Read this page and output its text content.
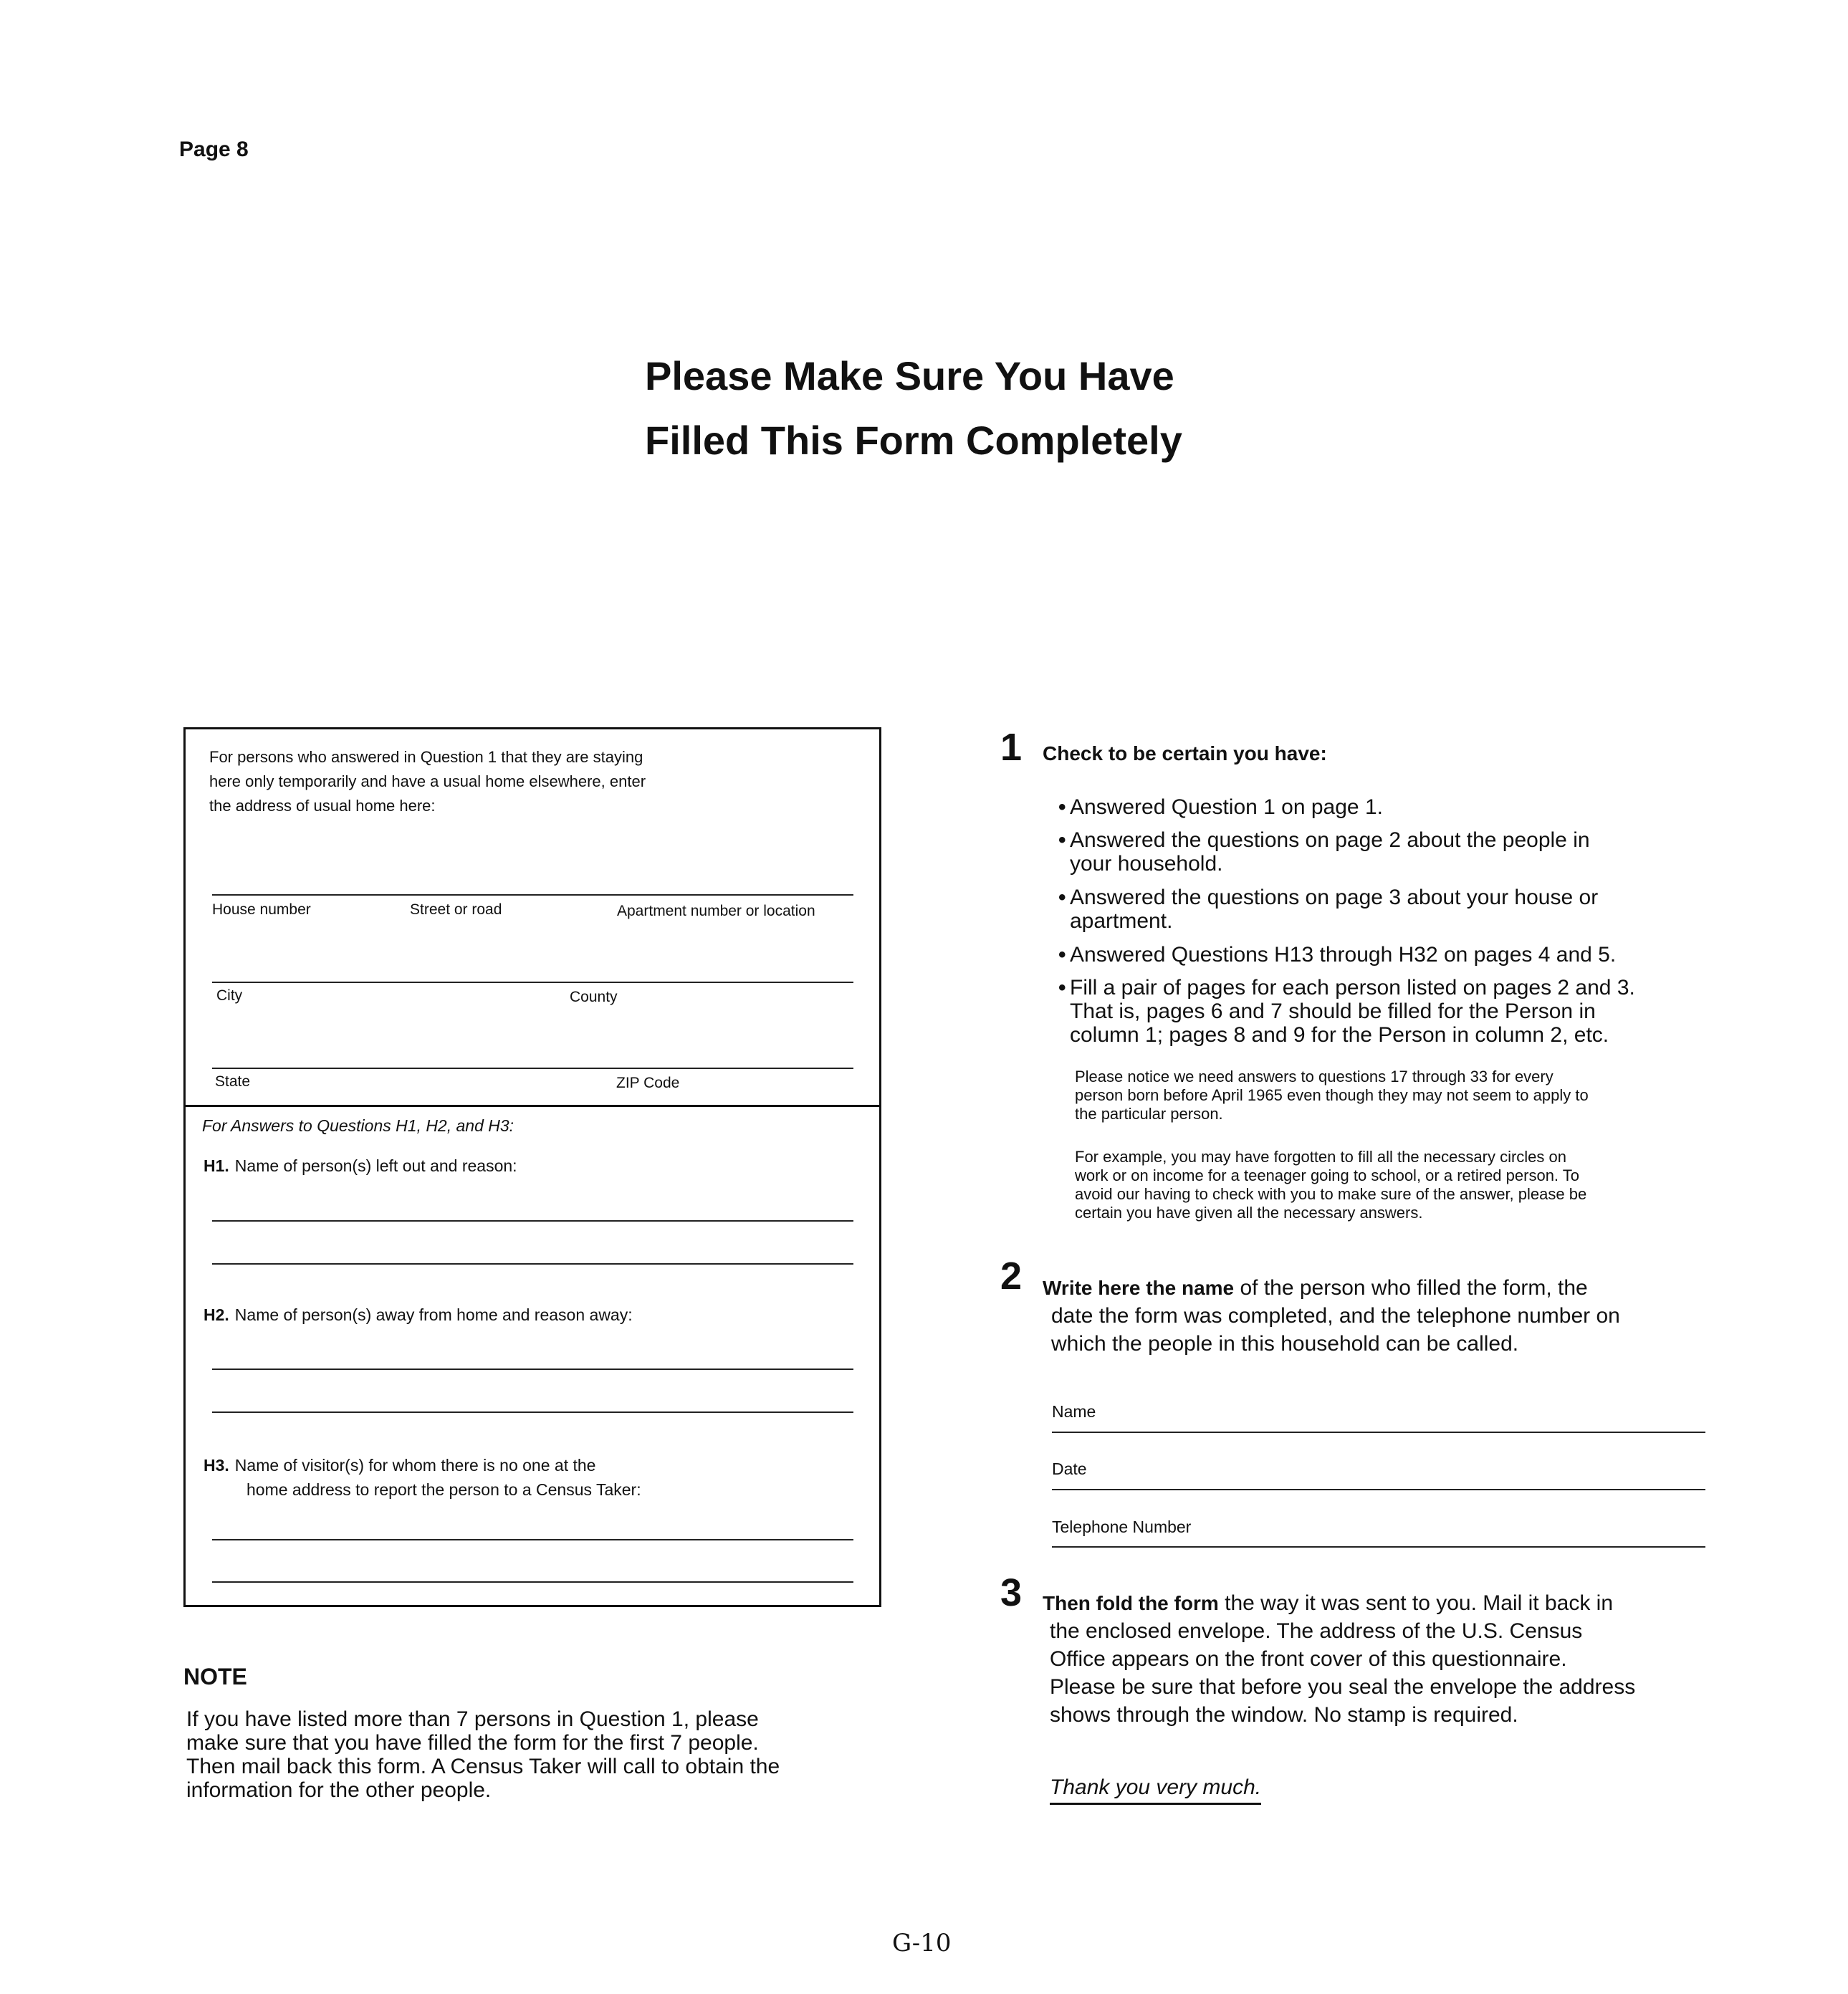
Page 8
Please Make Sure You Have
Filled This Form Completely
For persons who answered in Question 1 that they are staying
here only temporarily and have a usual home elsewhere, enter
the address of usual home here:
House number	Street or road	Apartment number or location
City	County
State	ZIP Code
For Answers to Questions H1, H2, and H3:
H1. Name of person(s) left out and reason:
H2. Name of person(s) away from home and reason away:
H3. Name of visitor(s) for whom there is no one at the
home address to report the person to a Census Taker:
NOTE
If you have listed more than 7 persons in Question 1, please
make sure that you have filled the form for the first 7 people.
Then mail back this form. A Census Taker will call to obtain the
information for the other people.
1 Check to be certain you have:
• Answered Question 1 on page 1.
• Answered the questions on page 2 about the people in
your household.
• Answered the questions on page 3 about your house or
apartment.
• Answered Questions H13 through H32 on pages 4 and 5.
• Fill a pair of pages for each person listed on pages 2 and 3.
That is, pages 6 and 7 should be filled for the Person in
column 1; pages 8 and 9 for the Person in column 2, etc.
Please notice we need answers to questions 17 through 33 for every
person born before April 1965 even though they may not seem to apply to
the particular person.
For example, you may have forgotten to fill all the necessary circles on
work or on income for a teenager going to school, or a retired person. To
avoid our having to check with you to make sure of the answer, please be
certain you have given all the necessary answers.
2 Write here the name of the person who filled the form, the
date the form was completed, and the telephone number on
which the people in this household can be called.
Name
Date
Telephone Number
3 Then fold the form the way it was sent to you. Mail it back in
the enclosed envelope. The address of the U.S. Census
Office appears on the front cover of this questionnaire.
Please be sure that before you seal the envelope the address
shows through the window. No stamp is required.
Thank you very much.
G-10
